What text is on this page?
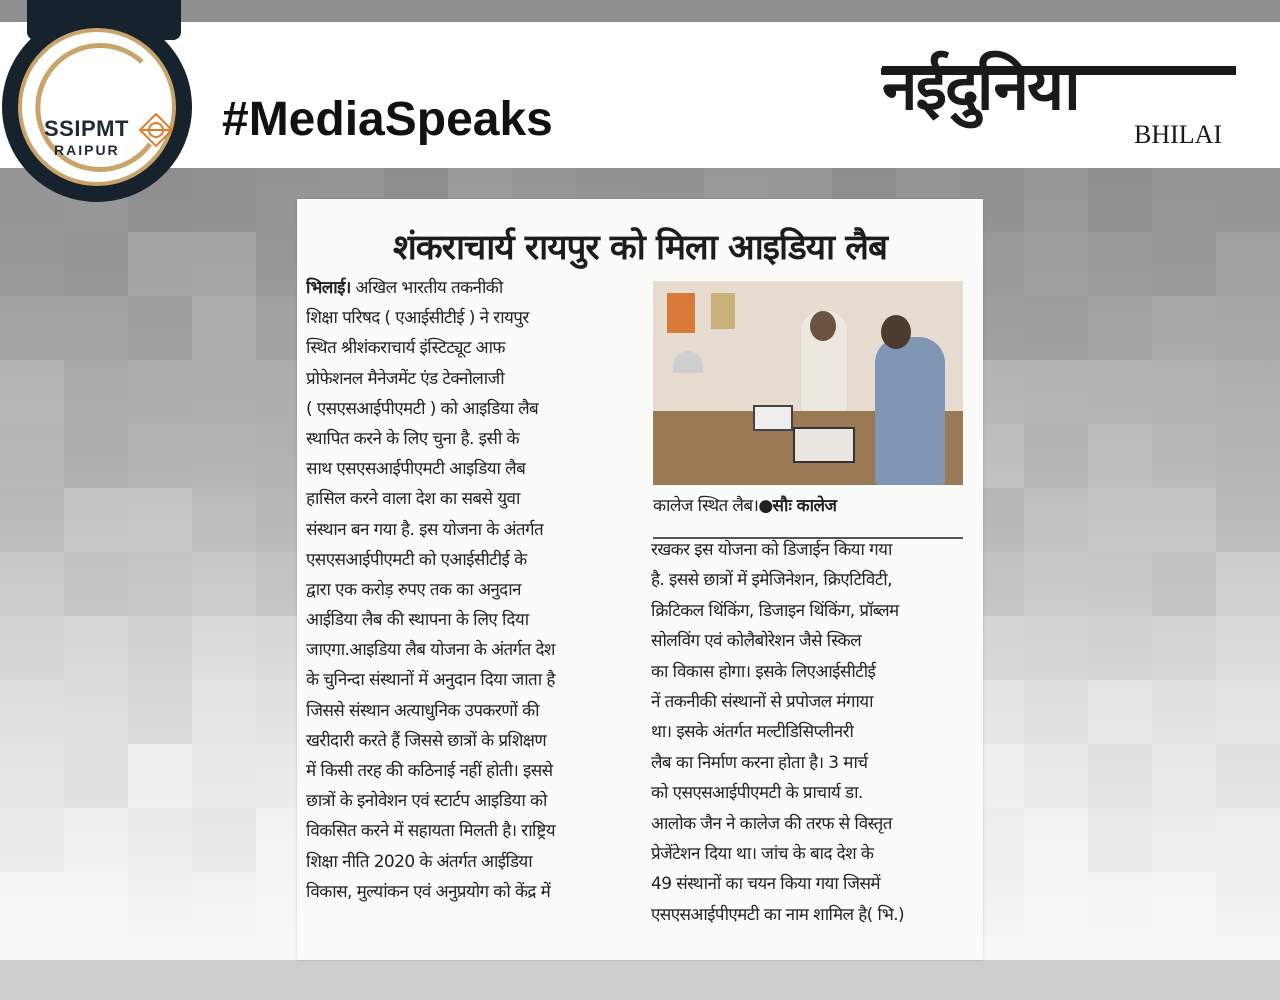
SSIPMT
RAIPUR
#MediaSpeaks	नईदुनिया
BHILAI
शंकराचार्य रायपुर को मिला आइडिया लैब
भिलाई। अखिल भारतीय तकनीकी
शिक्षा परिषद ( एआईसीटीई ) ने रायपुर
स्थित श्रीशंकराचार्य इंस्टिट्यूट आफ
प्रोफेशनल मैनेजमेंट एंड टेक्नोलाजी
( एसएसआईपीएमटी ) को आइडिया लैब
स्थापित करने के लिए चुना है. इसी के
साथ एसएसआईपीएमटी आइडिया लैब
हासिल करने वाला देश का सबसे युवा
संस्थान बन गया है. इस योजना के अंतर्गत
एसएसआईपीएमटी को एआईसीटीई के
द्वारा एक करोड़ रुपए तक का अनुदान
आईडिया लैब की स्थापना के लिए दिया
जाएगा.आइडिया लैब योजना के अंतर्गत देश
के चुनिन्दा संस्थानों में अनुदान दिया जाता है
जिससे संस्थान अत्याधुनिक उपकरणों की
खरीदारी करते हैं जिससे छात्रों के प्रशिक्षण
में किसी तरह की कठिनाई नहीं होती। इससे
छात्रों के इनोवेशन एवं स्टार्टप आइडिया को
विकसित करने में सहायता मिलती है। राष्ट्रिय
शिक्षा नीति 2020 के अंतर्गत आईडिया
विकास, मुल्यांकन एवं अनुप्रयोग को केंद्र में
कालेज स्थित लैब।●सौः कालेज
रखकर इस योजना को डिजाईन किया गया
है. इससे छात्रों में इमेजिनेशन, क्रिएटिविटी,
क्रिटिकल थिंकिंग, डिजाइन थिंकिंग, प्रॉब्लम
सोलविंग एवं कोलैबोरेशन जैसे स्किल
का विकास होगा। इसके लिएआईसीटीई
नें तकनीकी संस्थानों से प्रपोजल मंगाया
था। इसके अंतर्गत मल्टीडिसिप्लीनरी
लैब का निर्माण करना होता है। 3 मार्च
को एसएसआईपीएमटी के प्राचार्य डा.
आलोक जैन ने कालेज की तरफ से विस्तृत
प्रेजेंटेशन दिया था। जांच के बाद देश के
49 संस्थानों का चयन किया गया जिसमें
एसएसआईपीएमटी का नाम शामिल है( भि.)
